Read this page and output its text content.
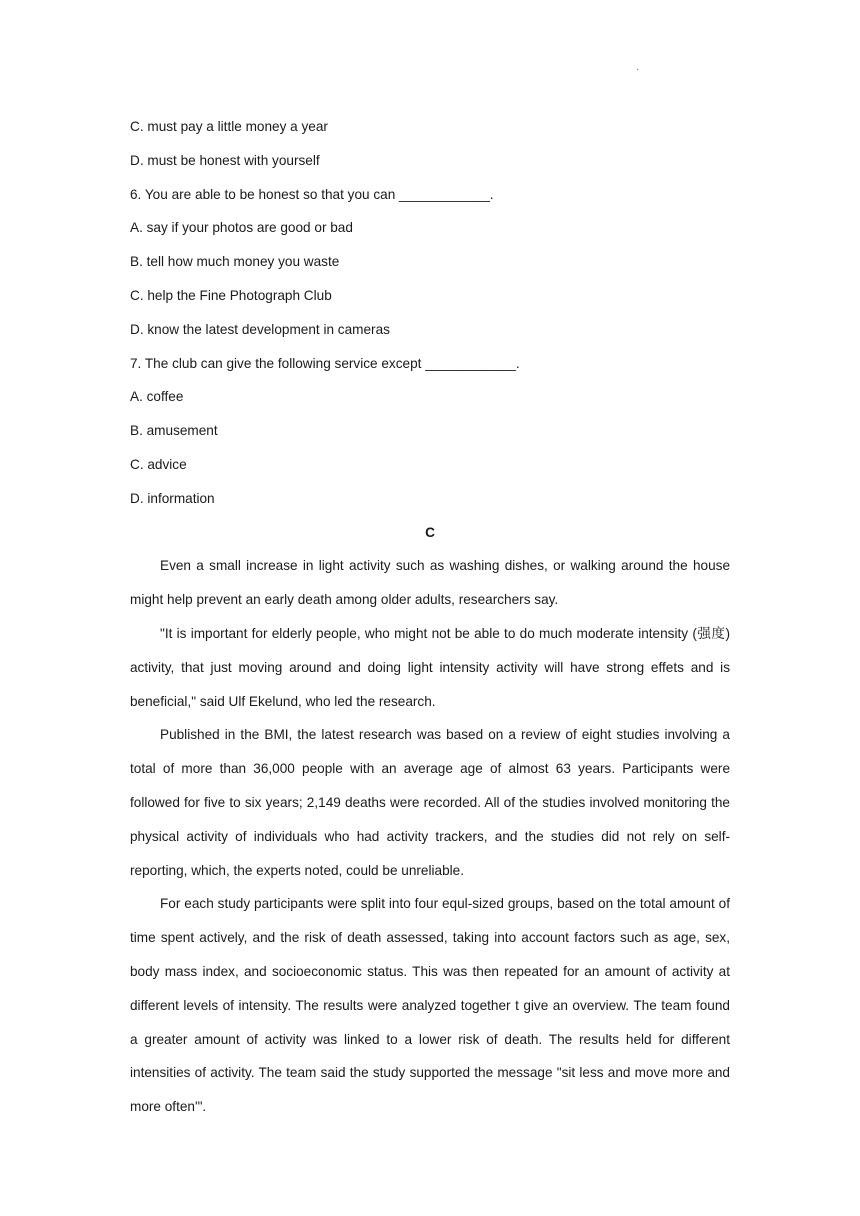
·
C. must pay a little money a year
D. must be honest with yourself
6. You are able to be honest so that you can ____________.
A. say if your photos are good or bad
B. tell how much money you waste
C. help the Fine Photograph Club
D. know the latest development in cameras
7. The club can give the following service except ____________.
A. coffee
B. amusement
C. advice
D. information
C

Even a small increase in light activity such as washing dishes, or walking around the house might help prevent an early death among older adults, researchers say.

"It is important for elderly people, who might not be able to do much moderate intensity (强度) activity, that just moving around and doing light intensity activity will have strong effets and is beneficial," said Ulf Ekelund, who led the research.

Published in the BMI, the latest research was based on a review of eight studies involving a total of more than 36,000 people with an average age of almost 63 years. Participants were followed for five to six years; 2,149 deaths were recorded. All of the studies involved monitoring the physical activity of individuals who had activity trackers, and the studies did not rely on self-reporting, which, the experts noted, could be unreliable.

For each study participants were split into four equl-sized groups, based on the total amount of time spent actively, and the risk of death assessed, taking into account factors such as age, sex, body mass index, and socioeconomic status. This was then repeated for an amount of activity at different levels of intensity. The results were analyzed together t give an overview. The team found a greater amount of activity was linked to a lower risk of death. The results held for different intensities of activity. The team said the study supported the message "sit less and move more and more often'".
